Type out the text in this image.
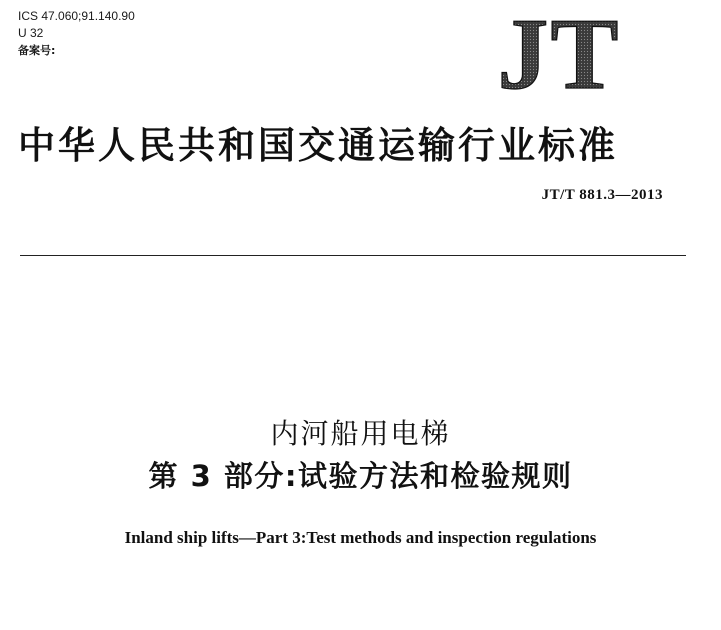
ICS 47.060;91.140.90
U 32
备案号:	JT
中华人民共和国交通运输行业标准
JT/T 881.3—2013
内河船用电梯
第 3 部分:试验方法和检验规则
Inland ship lifts—Part 3:Test methods and inspection regulations
